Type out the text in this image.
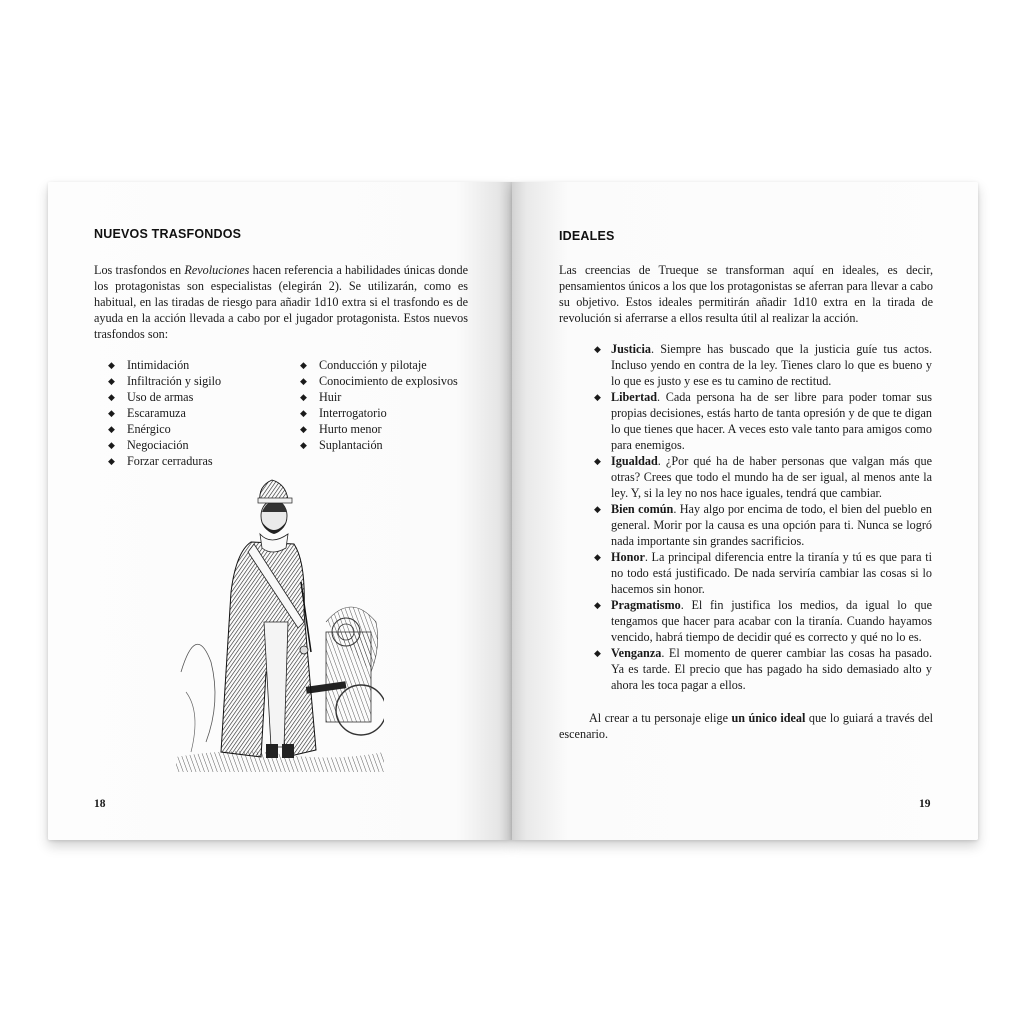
NUEVOS TRASFONDOS
Los trasfondos en Revoluciones hacen referencia a habilidades únicas donde los protagonistas son especialistas (elegirán 2). Se utilizarán, como es habitual, en las tiradas de riesgo para añadir 1d10 extra si el trasfondo es de ayuda en la acción llevada a cabo por el jugador protagonista. Estos nuevos trasfondos son:
◆ Intimidación
◆ Infiltración y sigilo
◆ Uso de armas
◆ Escaramuza
◆ Enérgico
◆ Negociación
◆ Forzar cerraduras
◆ Conducción y pilotaje
◆ Conocimiento de explosivos
◆ Huir
◆ Interrogatorio
◆ Hurto menor
◆ Suplantación
18
IDEALES
Las creencias de Trueque se transforman aquí en ideales, es decir, pensamientos únicos a los que los protagonistas se aferran para llevar a cabo su objetivo. Estos ideales permitirán añadir 1d10 extra en la tirada de revolución si aferrarse a ellos resulta útil al realizar la acción.
◆ Justicia. Siempre has buscado que la justicia guíe tus actos. Incluso yendo en contra de la ley. Tienes claro lo que es bueno y lo que es justo y ese es tu camino de rectitud.
◆ Libertad. Cada persona ha de ser libre para poder tomar sus propias decisiones, estás harto de tanta opresión y de que te digan lo que tienes que hacer. A veces esto vale tanto para amigos como para enemigos.
◆ Igualdad. ¿Por qué ha de haber personas que valgan más que otras? Crees que todo el mundo ha de ser igual, al menos ante la ley. Y, si la ley no nos hace iguales, tendrá que cambiar.
◆ Bien común. Hay algo por encima de todo, el bien del pueblo en general. Morir por la causa es una opción para ti. Nunca se logró nada importante sin grandes sacrificios.
◆ Honor. La principal diferencia entre la tiranía y tú es que para ti no todo está justificado. De nada serviría cambiar las cosas si lo hacemos sin honor.
◆ Pragmatismo. El fin justifica los medios, da igual lo que tengamos que hacer para acabar con la tiranía. Cuando hayamos vencido, habrá tiempo de decidir qué es correcto y qué no lo es.
◆ Venganza. El momento de querer cambiar las cosas ha pasado. Ya es tarde. El precio que has pagado ha sido demasiado alto y ahora les toca pagar a ellos.
Al crear a tu personaje elige un único ideal que lo guiará a través del escenario.
19
